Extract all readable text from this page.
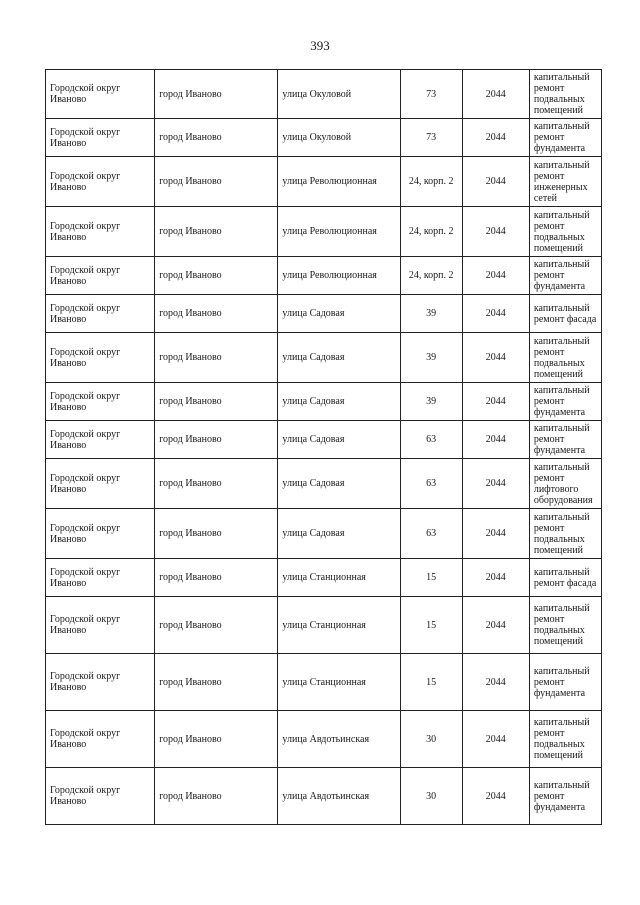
393
Городской округ Иваново	город Иваново	улица Окуловой	73	2044	капитальный ремонт подвальных помещений
Городской округ Иваново	город Иваново	улица Окуловой	73	2044	капитальный ремонт фундамента
Городской округ Иваново	город Иваново	улица Революционная	24, корп. 2	2044	капитальный ремонт инженерных сетей
Городской округ Иваново	город Иваново	улица Революционная	24, корп. 2	2044	капитальный ремонт подвальных помещений
Городской округ Иваново	город Иваново	улица Революционная	24, корп. 2	2044	капитальный ремонт фундамента
Городской округ Иваново	город Иваново	улица Садовая	39	2044	капитальный ремонт фасада
Городской округ Иваново	город Иваново	улица Садовая	39	2044	капитальный ремонт подвальных помещений
Городской округ Иваново	город Иваново	улица Садовая	39	2044	капитальный ремонт фундамента
Городской округ Иваново	город Иваново	улица Садовая	63	2044	капитальный ремонт фундамента
Городской округ Иваново	город Иваново	улица Садовая	63	2044	капитальный ремонт лифтового оборудования
Городской округ Иваново	город Иваново	улица Садовая	63	2044	капитальный ремонт подвальных помещений
Городской округ Иваново	город Иваново	улица Станционная	15	2044	капитальный ремонт фасада
Городской округ Иваново	город Иваново	улица Станционная	15	2044	капитальный ремонт подвальных помещений
Городской округ Иваново	город Иваново	улица Станционная	15	2044	капитальный ремонт фундамента
Городской округ Иваново	город Иваново	улица Авдотьинская	30	2044	капитальный ремонт подвальных помещений
Городской округ Иваново	город Иваново	улица Авдотьинская	30	2044	капитальный ремонт фундамента
